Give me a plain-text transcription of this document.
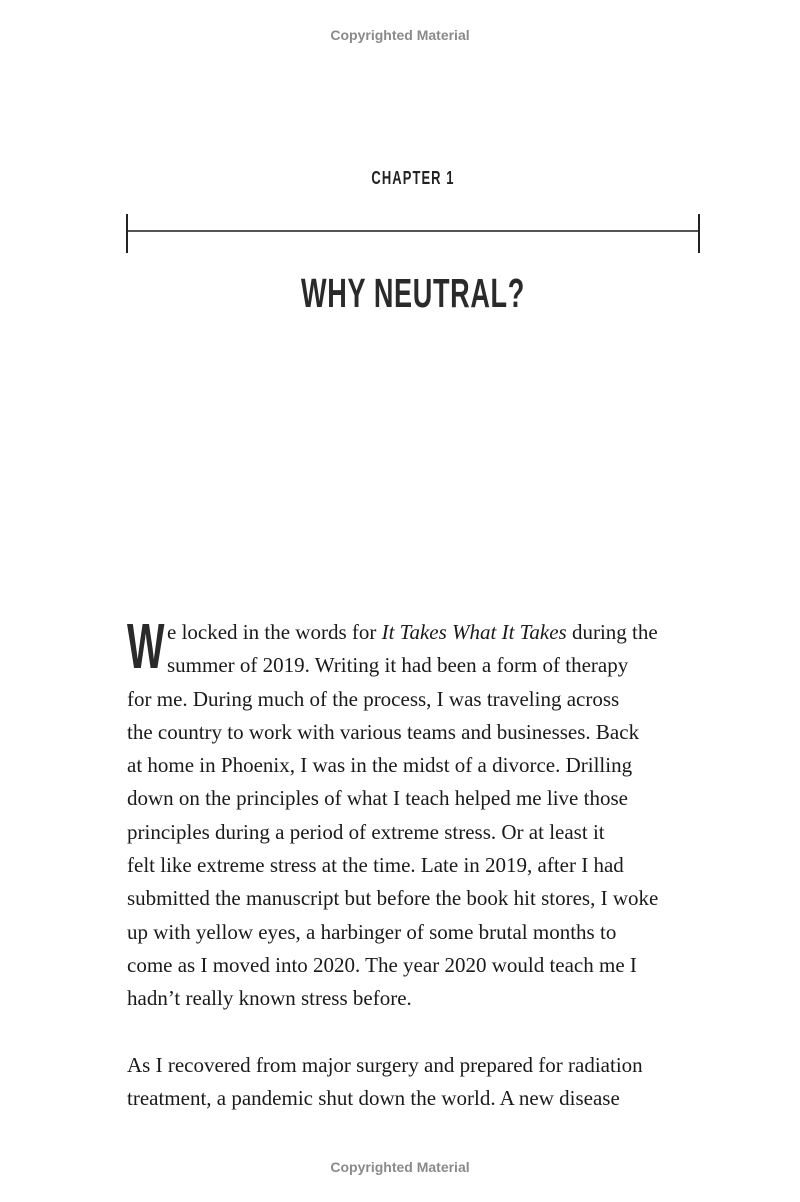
Copyrighted Material
CHAPTER 1
WHY NEUTRAL?
W e locked in the words for It Takes What It Takes during the
summer of 2019. Writing it had been a form of therapy
for me. During much of the process, I was traveling across
the country to work with various teams and businesses. Back
at home in Phoenix, I was in the midst of a divorce. Drilling
down on the principles of what I teach helped me live those
principles during a period of extreme stress. Or at least it
felt like extreme stress at the time. Late in 2019, after I had
submitted the manuscript but before the book hit stores, I woke
up with yellow eyes, a harbinger of some brutal months to
come as I moved into 2020. The year 2020 would teach me I
hadn’t really known stress before.
As I recovered from major surgery and prepared for radiation
treatment, a pandemic shut down the world. A new disease
Copyrighted Material
